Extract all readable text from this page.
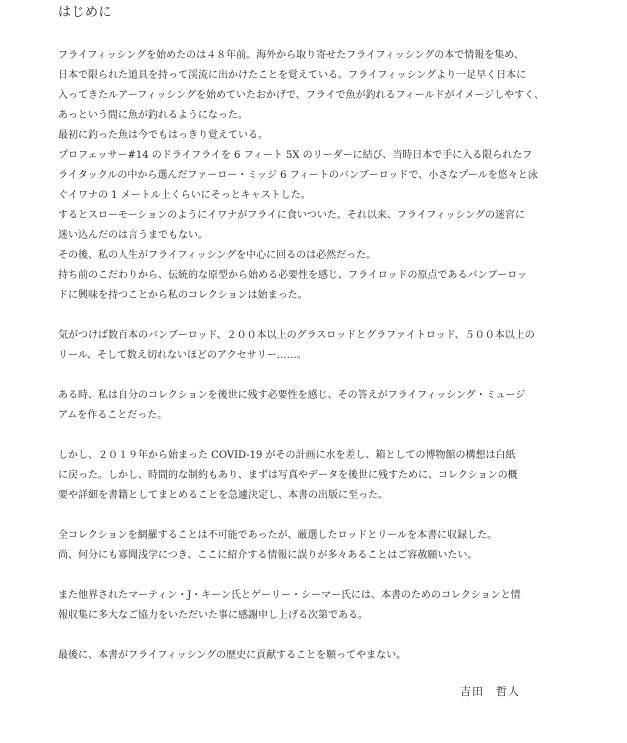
はじめに
フライフィッシングを始めたのは４８年前。海外から取り寄せたフライフィッシングの本で情報を集め、
日本で限られた道具を持って渓流に出かけたことを覚えている。フライフィッシングより一足早く日本に
入ってきたルアーフィッシングを始めていたおかげで、フライで魚が釣れるフィールドがイメージしやすく、
あっという間に魚が釣れるようになった。
最初に釣った魚は今でもはっきり覚えている。
プロフェッサー#14 のドライフライを 6 フィート 5X のリーダーに結び、当時日本で手に入る限られたフ
ライタックルの中から選んだファーロー・ミッジ 6 フィートのバンブーロッドで、小さなプールを悠々と泳
ぐイワナの 1 メートル上くらいにそっとキャストした。
するとスローモーションのようにイワナがフライに食いついた。それ以来、フライフィッシングの迷宮に
迷い込んだのは言うまでもない。
その後、私の人生がフライフィッシングを中心に回るのは必然だった。
持ち前のこだわりから、伝統的な原型から始める必要性を感じ、フライロッドの原点であるバンブーロッ
ドに興味を持つことから私のコレクションは始まった。
気がつけば数百本のバンブーロッド、２００本以上のグラスロッドとグラファイトロッド、５００本以上の
リール、そして数え切れないほどのアクセサリー……。
ある時、私は自分のコレクションを後世に残す必要性を感じ、その答えがフライフィッシング・ミュージ
アムを作ることだった。
しかし、２０１９年から始まった COVID-19 がその計画に水を差し、箱としての博物館の構想は白紙
に戻った。しかし、時間的な制約もあり、まずは写真やデータを後世に残すために、コレクションの概
要や詳細を書籍としてまとめることを急遽決定し、本書の出版に至った。
全コレクションを網羅することは不可能であったが、厳選したロッドとリールを本書に収録した。
尚、何分にも寡聞浅学につき、ここに紹介する情報に誤りが多々あることはご容赦願いたい。
また他界されたマーティン・J・キーン氏とゲーリー・シーマー氏には、本書のためのコレクションと情
報収集に多大なご協力をいただいた事に感謝申し上げる次第である。
最後に、本書がフライフィッシングの歴史に貢献することを願ってやまない。
吉田　哲人
